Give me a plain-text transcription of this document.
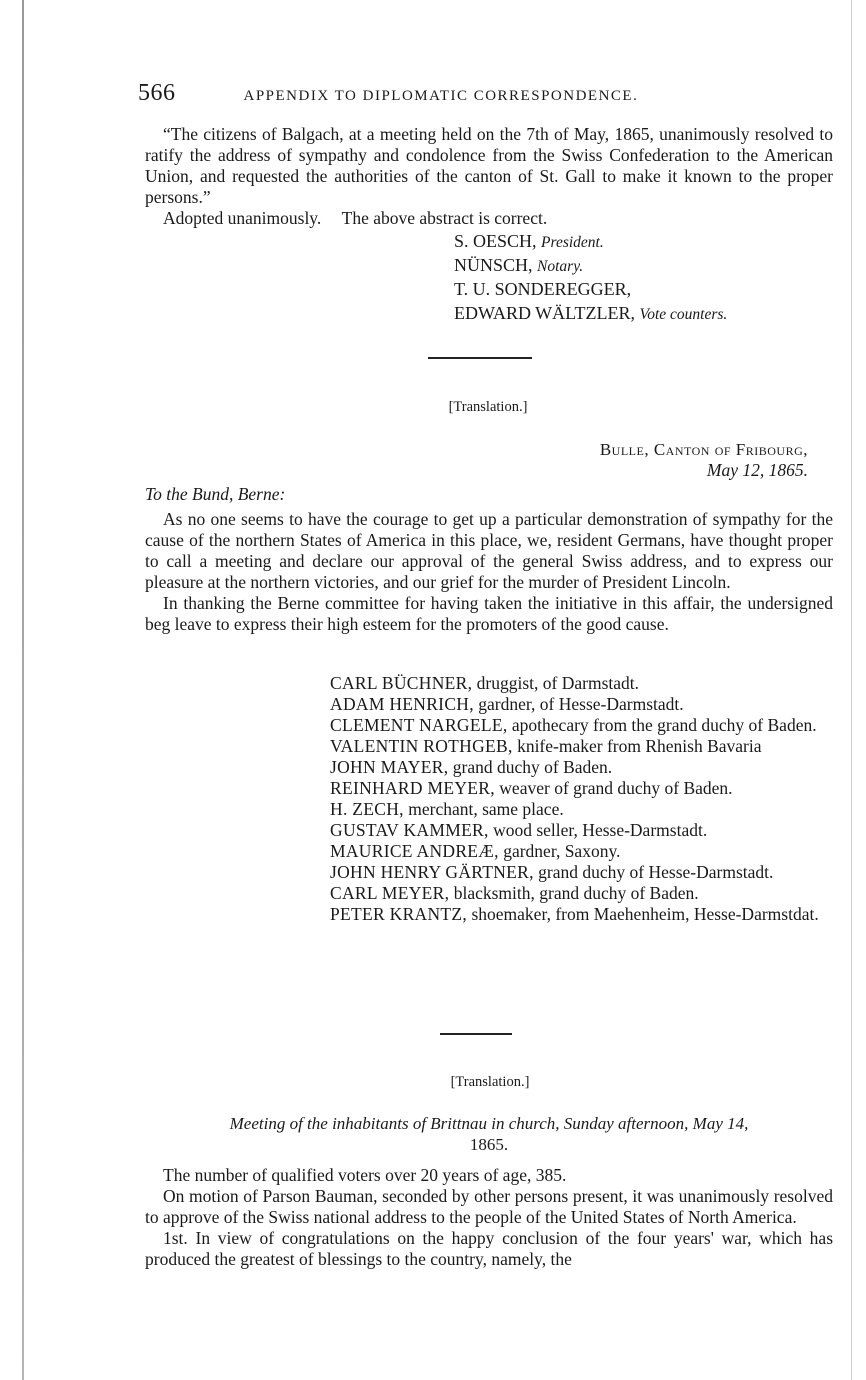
566	APPENDIX TO DIPLOMATIC CORRESPONDENCE.

“The citizens of Balgach, at a meeting held on the 7th of May, 1865, unanimously resolved to ratify the address of sympathy and condolence from the Swiss Confederation to the American Union, and requested the authorities of the canton of St. Gall to make it known to the proper persons.”

Adopted unanimously. The above abstract is correct.

S. OESCH, President.
NÜNSCH, Notary.
T. U. SONDEREGGER,
EDWARD WÄLTZLER, Vote counters.
[Translation.]
Bulle, Canton of Fribourg,
May 12, 1865.

To the Bund, Berne:

As no one seems to have the courage to get up a particular demonstration of sympathy for the cause of the northern States of America in this place, we, resident Germans, have thought proper to call a meeting and declare our approval of the general Swiss address, and to express our pleasure at the northern victories, and our grief for the murder of President Lincoln.

In thanking the Berne committee for having taken the initiative in this affair, the undersigned beg leave to express their high esteem for the promoters of the good cause.

CARL BÜCHNER, druggist, of Darmstadt.

ADAM HENRICH, gardner, of Hesse-Darmstadt.

CLEMENT NARGELE, apothecary from the grand duchy of Baden.

VALENTIN ROTHGEB, knife-maker from Rhenish Bavaria

JOHN MAYER, grand duchy of Baden.

REINHARD MEYER, weaver of grand duchy of Baden.

H. ZECH, merchant, same place.

GUSTAV KAMMER, wood seller, Hesse-Darmstadt.

MAURICE ANDREÆ, gardner, Saxony.

JOHN HENRY GÄRTNER, grand duchy of Hesse-Darmstadt.

CARL MEYER, blacksmith, grand duchy of Baden.

PETER KRANTZ, shoemaker, from Maehenheim, Hesse-Darmstdat.

[Translation.]
Meeting of the inhabitants of Brittnau in church, Sunday afternoon, May 14,
1865.

The number of qualified voters over 20 years of age, 385.

On motion of Parson Bauman, seconded by other persons present, it was unanimously resolved to approve of the Swiss national address to the people of the United States of North America.

1st. In view of congratulations on the happy conclusion of the four years' war, which has produced the greatest of blessings to the country, namely, the
